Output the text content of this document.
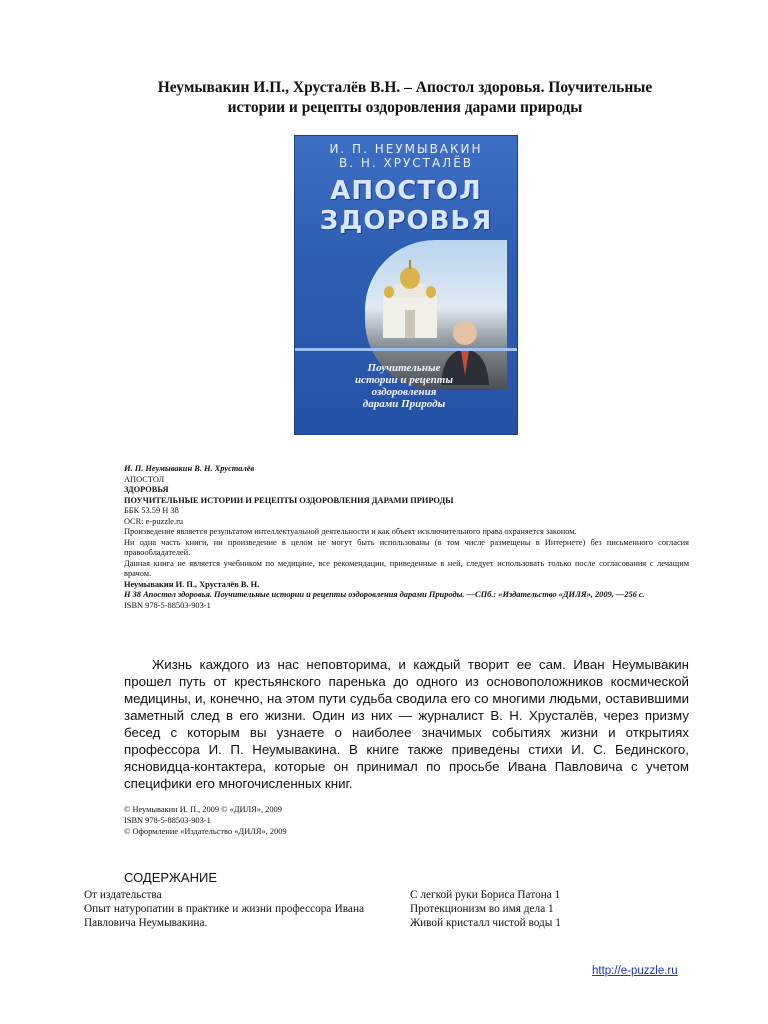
Неумывакин И.П., Хрусталёв В.Н. – Апостол здоровья. Поучительные
истории и рецепты оздоровления дарами природы
И. П. НЕУМЫВАКИН
В. Н. ХРУСТАЛЁВ
АПОСТОЛ
ЗДОРОВЬЯ
Поучительные
истории и рецепты
оздоровления
дарами Природы

И. П. Неумывакин В. Н. Хрусталёв

АПОСТОЛ

ЗДОРОВЬЯ

ПОУЧИТЕЛЬНЫЕ ИСТОРИИ И РЕЦЕПТЫ ОЗДОРОВЛЕНИЯ ДАРАМИ ПРИРОДЫ

ББК 53.59 Н 38

OCR: e-puzzle.ru

Произведение является результатом интеллектуальной деятельности и как объект исключительного права охраняется законом.

Ни одна часть книги, ни произведение в целом не могут быть использованы (в том числе размещены в Интернете) без письменного согласия правообладателей.

Данная книга не является учебником по медицине, все рекомендации, приведенные в ней, следует использовать только после согласования с лечащим врачом.

Неумывакин И. П., Хрусталёв В. Н.

Н 38 Апостол здоровья. Поучительные истории и рецепты оздоровления дарами Природы. —СПб.: «Издательство «ДИЛЯ», 2009, —256 с.

ISBN 978-5-88503-903-1

Жизнь каждого из нас неповторима, и каждый творит ее сам. Иван Неумывакин прошел путь от крестьянского паренька до одного из основоположников космической медицины, и, конечно, на этом пути судьба сводила его со многими людьми, оставившими заметный след в его жизни. Один из них — журналист В. Н. Хрусталёв, через призму бесед с которым вы узнаете о наиболее значимых событиях жизни и открытиях профессора И. П. Неумывакина. В книге также приведены стихи И. С. Бединского, ясновидца-контактера, которые он принимал по просьбе Ивана Павловича с учетом специфики его многочисленных книг.

© Неумывакин И. П., 2009 © «ДИЛЯ», 2009

ISBN 978-5-88503-903-1

© Оформление «Издательство «ДИЛЯ», 2009

СОДЕРЖАНИЕ

От издательства

Опыт натуропатии в практике и жизни профессора Ивана Павловича Неумывакина.

С легкой руки Бориса Патона 1

Протекционизм во имя дела 1

Живой кристалл чистой воды 1

http://e-puzzle.ru
